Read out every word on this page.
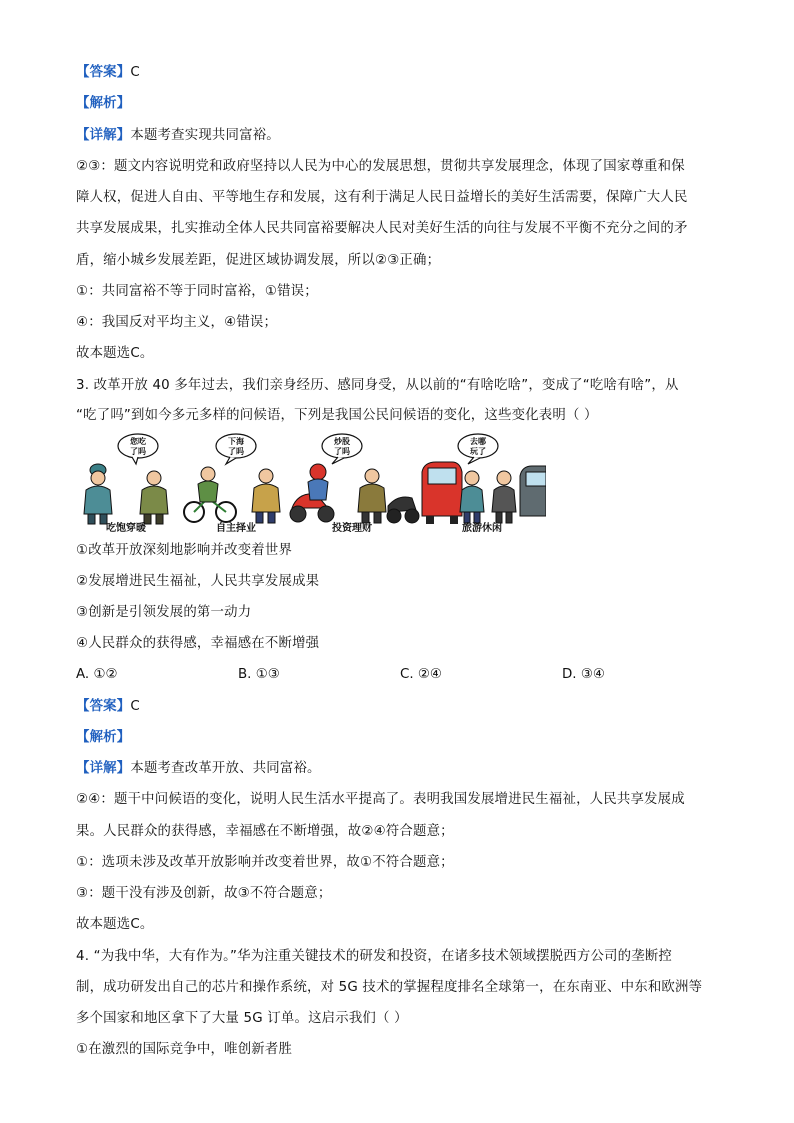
【答案】C
【解析】
【详解】本题考查实现共同富裕。
②③：题文内容说明党和政府坚持以人民为中心的发展思想，贯彻共享发展理念，体现了国家尊重和保
障人权，促进人自由、平等地生存和发展，这有利于满足人民日益增长的美好生活需要，保障广大人民
共享发展成果，扎实推动全体人民共同富裕要解决人民对美好生活的向往与发展不平衡不充分之间的矛
盾，缩小城乡发展差距，促进区域协调发展，所以②③正确；
①：共同富裕不等于同时富裕，①错误；
④：我国反对平均主义，④错误；
故本题选C。
3. 改革开放 40 多年过去，我们亲身经历、感同身受，从以前的“有啥吃啥”，变成了“吃啥有啥”，从
“吃了吗”到如今多元多样的问候语，下列是我国公民问候语的变化，这些变化表明（ ）
您吃
了吗
吃饱穿暖
下海
了吗
自主择业
炒股
了吗
投资理财
去哪
玩了
旅游休闲
①改革开放深刻地影响并改变着世界
②发展增进民生福祉，人民共享发展成果
③创新是引领发展的第一动力
④人民群众的获得感，幸福感在不断增强
A. ①②	B. ①③	C. ②④	D. ③④
【答案】C
【解析】
【详解】本题考查改革开放、共同富裕。
②④：题干中问候语的变化，说明人民生活水平提高了。表明我国发展增进民生福祉，人民共享发展成
果。人民群众的获得感，幸福感在不断增强，故②④符合题意；
①：选项未涉及改革开放影响并改变着世界，故①不符合题意；
③：题干没有涉及创新，故③不符合题意；
故本题选C。
4. “为我中华，大有作为。”华为注重关键技术的研发和投资，在诸多技术领域摆脱西方公司的垄断控
制，成功研发出自己的芯片和操作系统，对 5G 技术的掌握程度排名全球第一，在东南亚、中东和欧洲等
多个国家和地区拿下了大量 5G 订单。这启示我们（ ）
①在激烈的国际竞争中，唯创新者胜
